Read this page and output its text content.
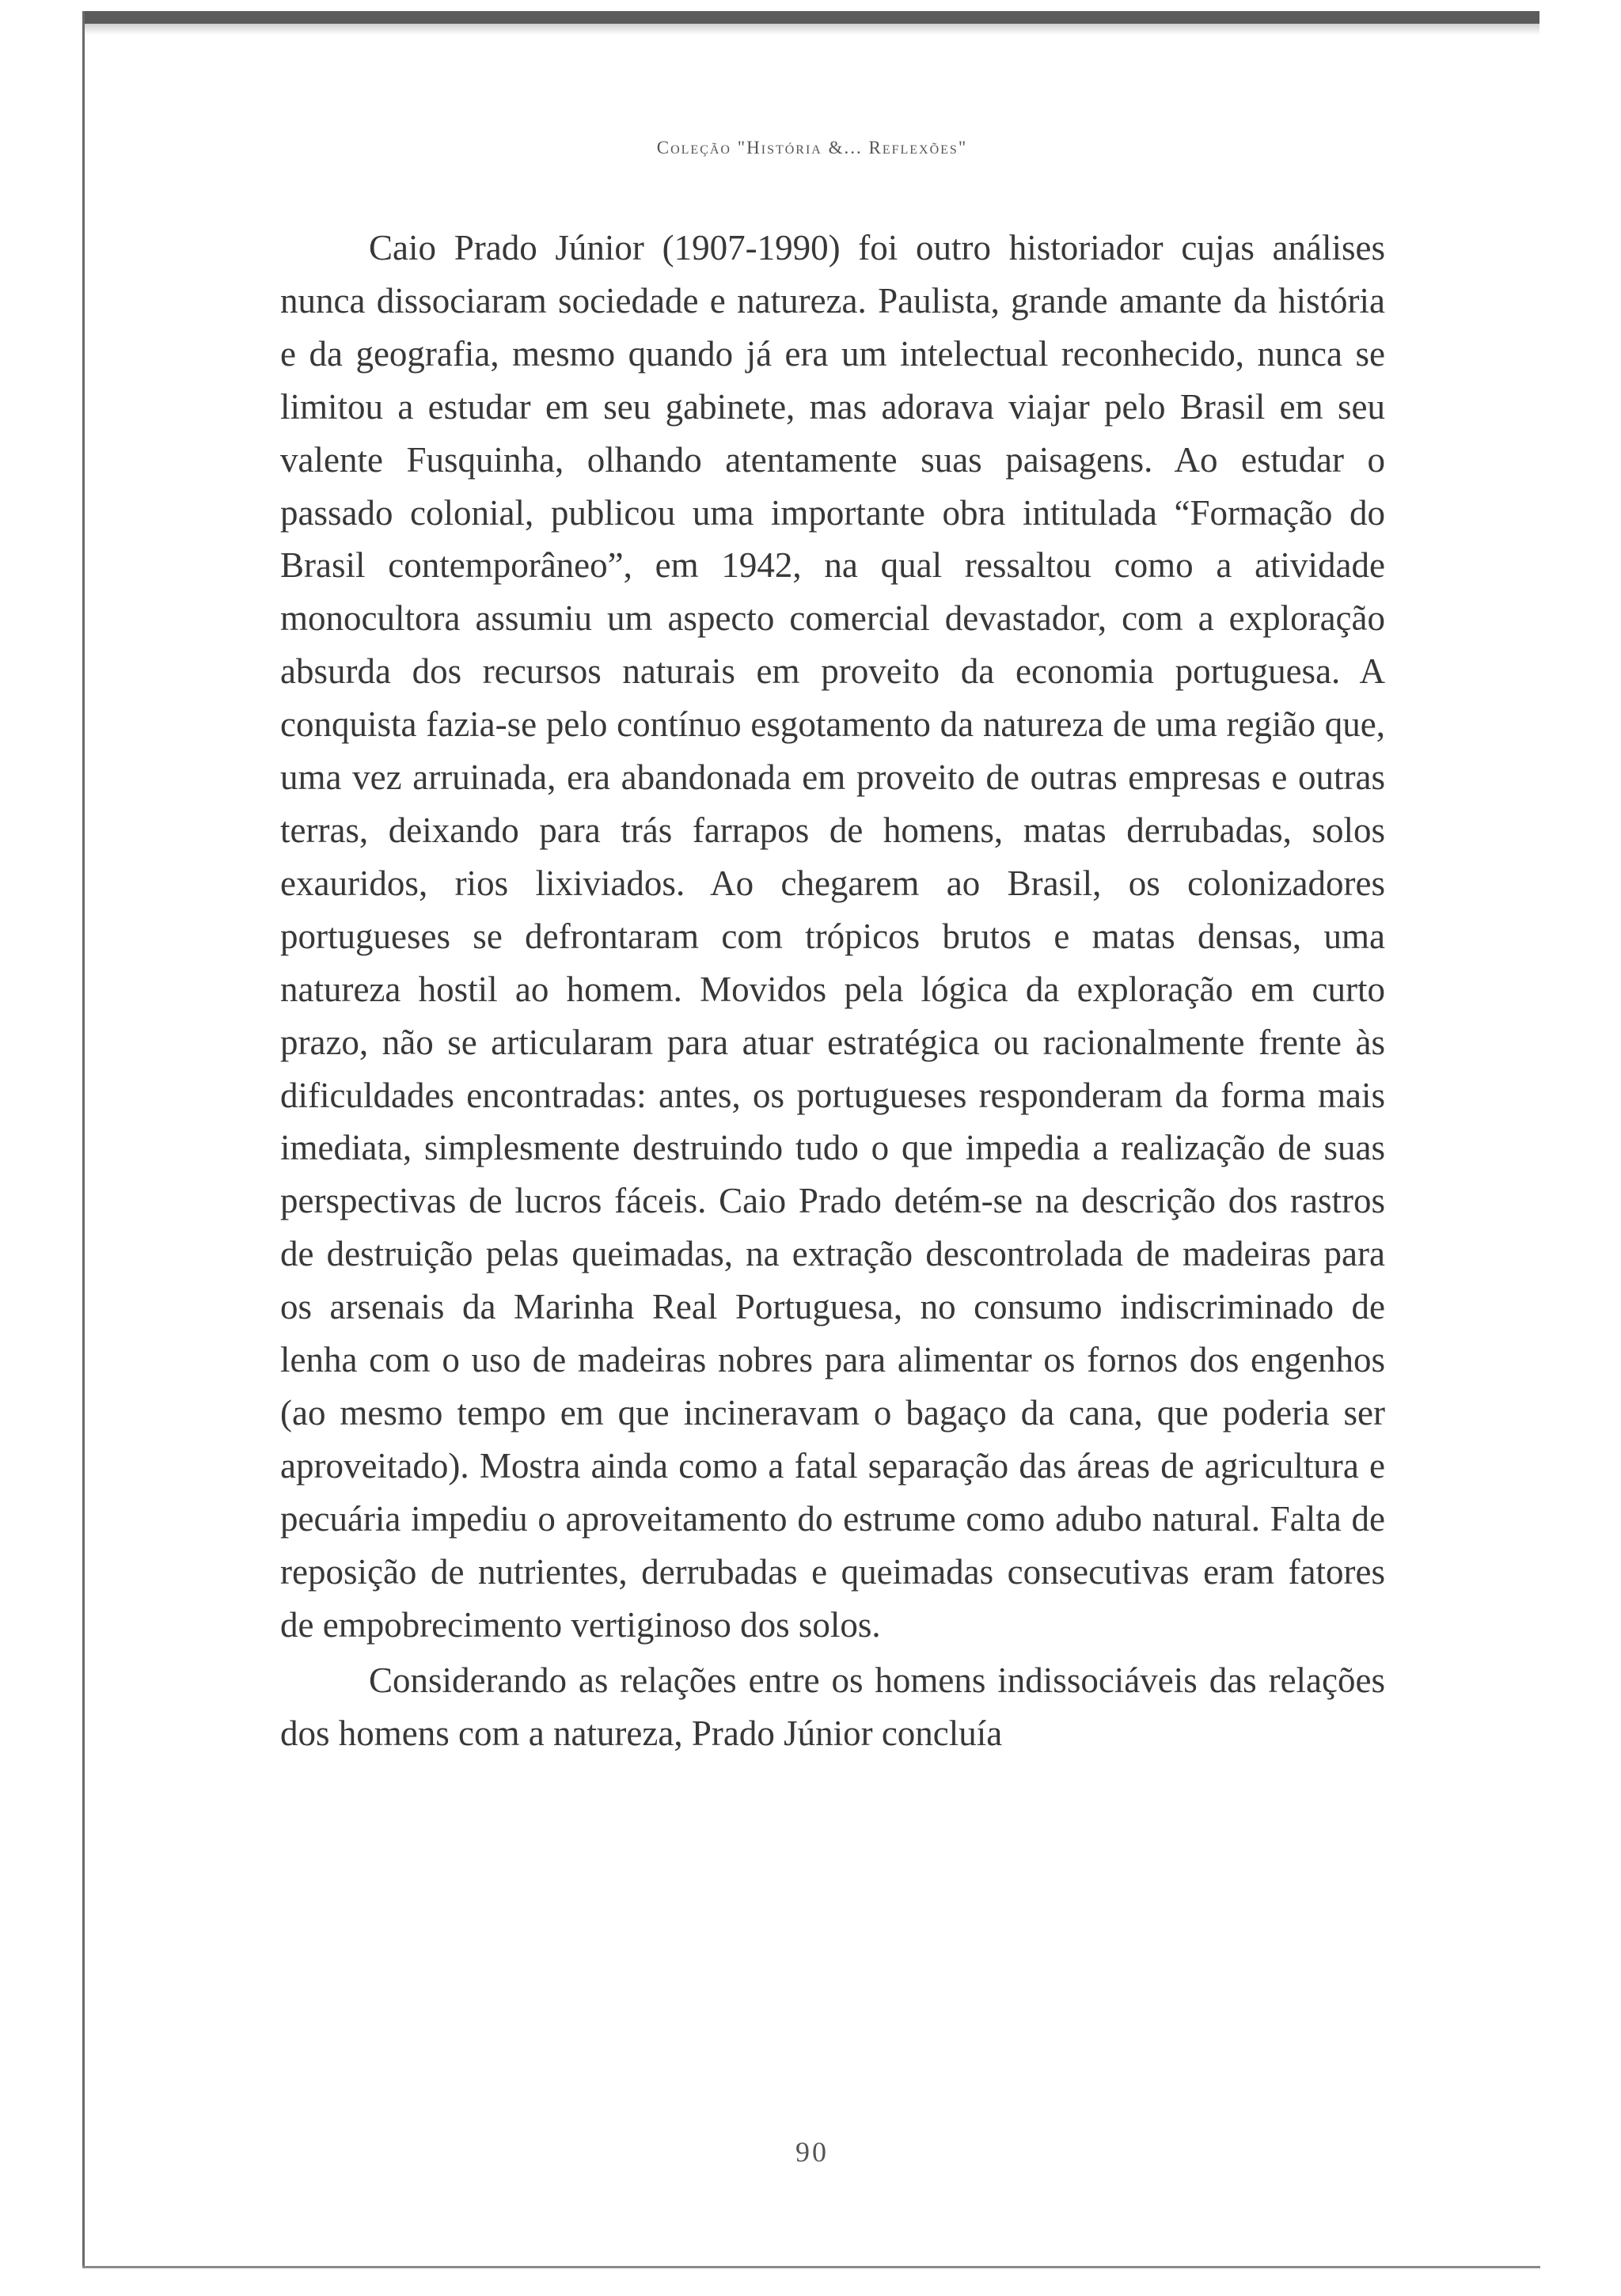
Coleção "História &... Reflexões"

Caio Prado Júnior (1907-1990) foi outro historiador cujas análises nunca dissociaram sociedade e natureza. Paulista, grande amante da história e da geografia, mesmo quando já era um intelectual reconhecido, nunca se limitou a estudar em seu gabinete, mas adorava viajar pelo Brasil em seu valente Fusquinha, olhando atentamente suas paisagens. Ao estudar o passado colonial, publicou uma importante obra intitulada “Formação do Brasil contemporâneo”, em 1942, na qual ressaltou como a atividade monocultora assumiu um aspecto comercial devastador, com a exploração absurda dos recursos naturais em proveito da economia portuguesa. A conquista fazia-se pelo contínuo esgotamento da natureza de uma região que, uma vez arruinada, era abandonada em proveito de outras empresas e outras terras, deixando para trás farrapos de homens, matas derrubadas, solos exauridos, rios lixiviados. Ao chegarem ao Brasil, os colonizadores portugueses se defrontaram com trópicos brutos e matas densas, uma natureza hostil ao homem. Movidos pela lógica da exploração em curto prazo, não se articularam para atuar estratégica ou racionalmente frente às dificuldades encontradas: antes, os portugueses responderam da forma mais imediata, simplesmente destruindo tudo o que impedia a realização de suas perspectivas de lucros fáceis. Caio Prado detém-se na descrição dos rastros de destruição pelas queimadas, na extração descontrolada de madeiras para os arsenais da Marinha Real Portuguesa, no consumo indiscriminado de lenha com o uso de madeiras nobres para alimentar os fornos dos engenhos (ao mesmo tempo em que incineravam o bagaço da cana, que poderia ser aproveitado). Mostra ainda como a fatal separação das áreas de agricultura e pecuária impediu o aproveitamento do estrume como adubo natural. Falta de reposição de nutrientes, derrubadas e queimadas consecutivas eram fatores de empobrecimento vertiginoso dos solos.

Considerando as relações entre os homens indissociáveis das relações dos homens com a natureza, Prado Júnior concluía

90
